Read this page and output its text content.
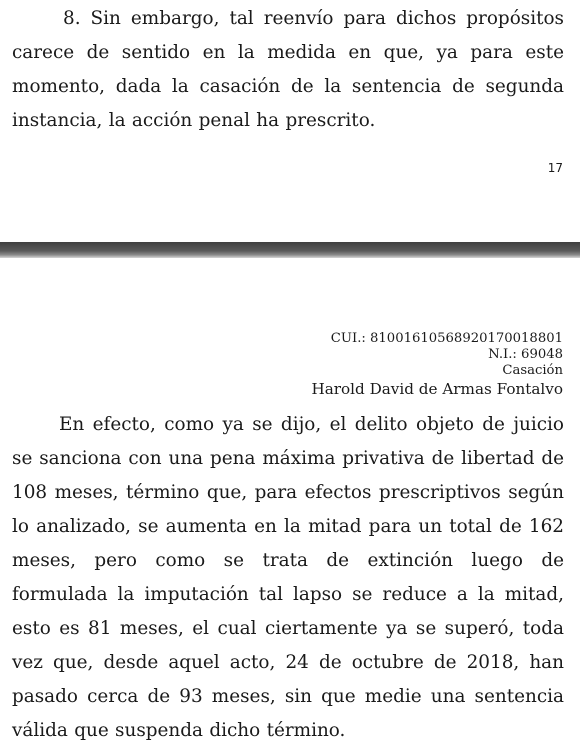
8. Sin embargo, tal reenvío para dichos propósitos carece de sentido en la medida en que, ya para este momento, dada la casación de la sentencia de segunda instancia, la acción penal ha prescrito.

17
CUI.: 81001610568920170018801
N.I.: 69048
Casación
Harold David de Armas Fontalvo

En efecto, como ya se dijo, el delito objeto de juicio se sanciona con una pena máxima privativa de libertad de 108 meses, término que, para efectos prescriptivos según lo analizado, se aumenta en la mitad para un total de 162 meses, pero como se trata de extinción luego de formulada la imputación tal lapso se reduce a la mitad, esto es 81 meses, el cual ciertamente ya se superó, toda vez que, desde aquel acto, 24 de octubre de 2018, han pasado cerca de 93 meses, sin que medie una sentencia válida que suspenda dicho término.
